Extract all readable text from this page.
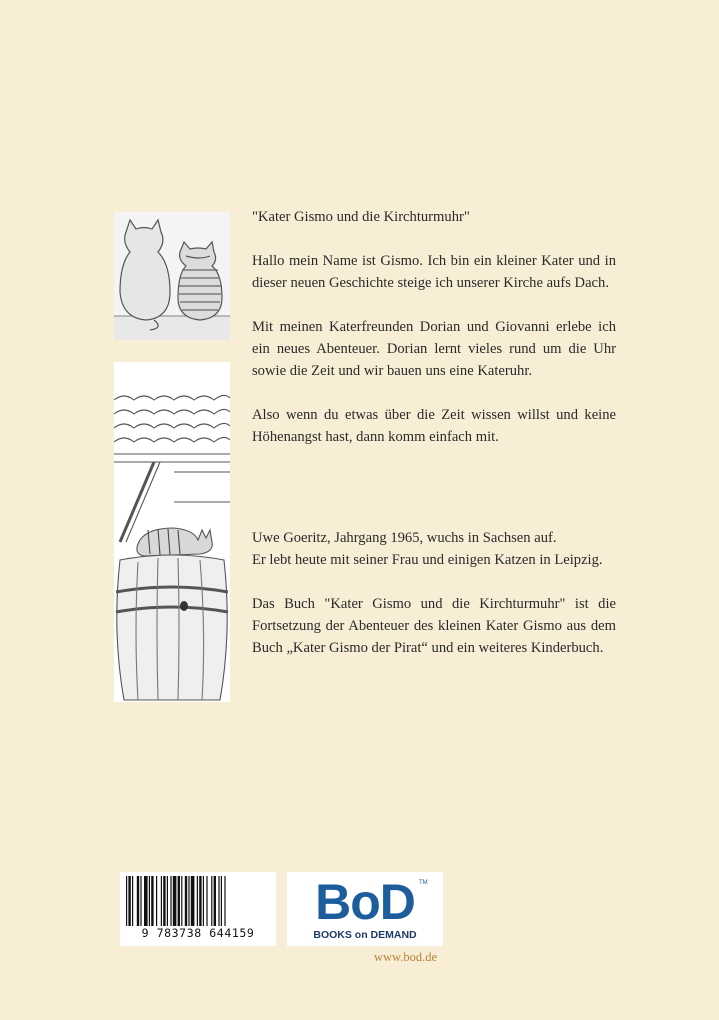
"Kater Gismo und die Kirchturmuhr"

Hallo mein Name ist Gismo. Ich bin ein kleiner Kater und in dieser neuen Geschichte steige ich unserer Kirche aufs Dach.

Mit meinen Katerfreunden Dorian und Giovanni erlebe ich ein neues Abenteuer. Dorian lernt vieles rund um die Uhr sowie die Zeit und wir bauen uns eine Kateruhr.

Also wenn du etwas über die Zeit wissen willst und keine Höhenangst hast, dann komm einfach mit.

Uwe Goeritz, Jahrgang 1965, wuchs in Sachsen auf.

Er lebt heute mit seiner Frau und einigen Katzen in Leipzig.

Das Buch "Kater Gismo und die Kirchturmuhr" ist die Fortsetzung der Abenteuer des kleinen Kater Gismo aus dem Buch „Kater Gismo der Pirat“ und ein weiteres Kinderbuch.

9 783738 644159
BoD TM
BOOKS on DEMAND
www.bod.de
